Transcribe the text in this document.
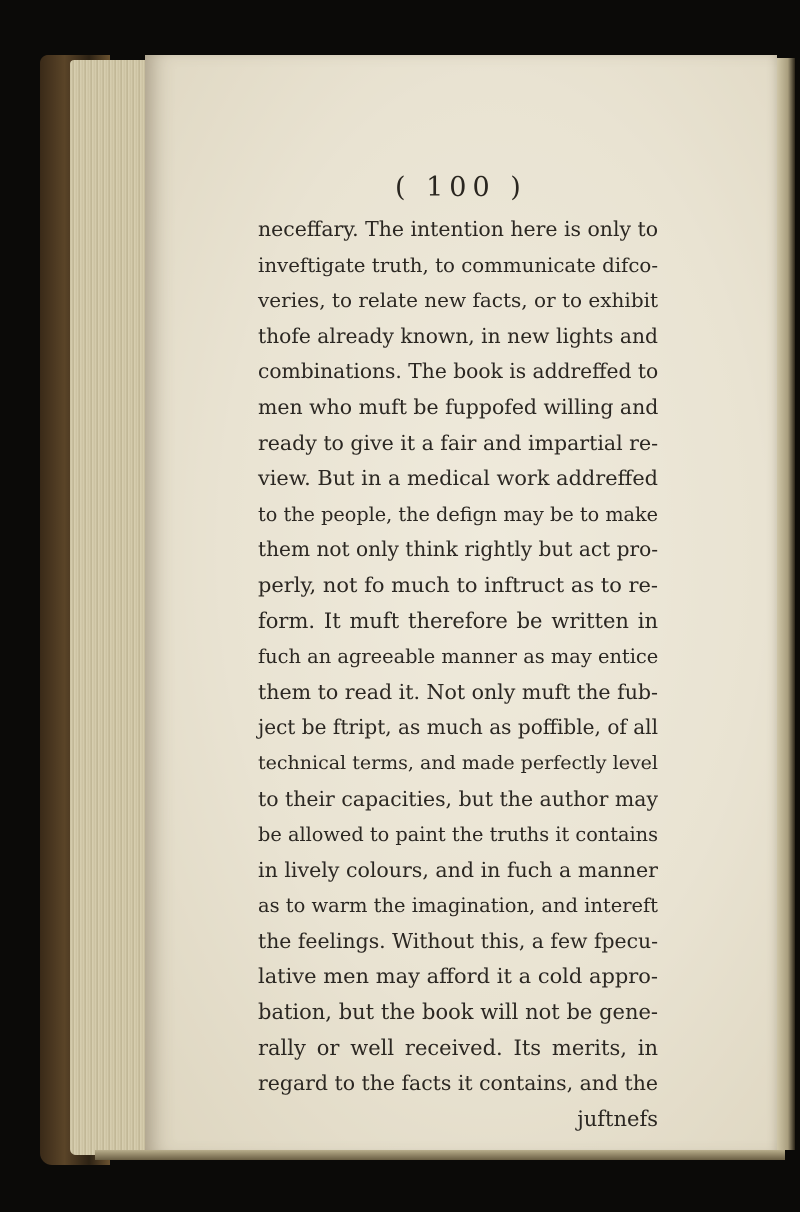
( 100 )
neceffary. The intention here is only to
inveftigate truth, to communicate difco-
veries, to relate new facts, or to exhibit
thofe already known, in new lights and
combinations. The book is addreffed to
men who muft be fuppofed willing and
ready to give it a fair and impartial re-
view. But in a medical work addreffed
to the people, the defign may be to make
them not only think rightly but act pro-
perly, not fo much to inftruct as to re-
form. It muft therefore be written in
fuch an agreeable manner as may entice
them to read it. Not only muft the fub-
ject be ftript, as much as poffible, of all
technical terms, and made perfectly level
to their capacities, but the author may
be allowed to paint the truths it contains
in lively colours, and in fuch a manner
as to warm the imagination, and intereft
the feelings. Without this, a few fpecu-
lative men may afford it a cold appro-
bation, but the book will not be gene-
rally or well received. Its merits, in
regard to the facts it contains, and the
juftnefs
